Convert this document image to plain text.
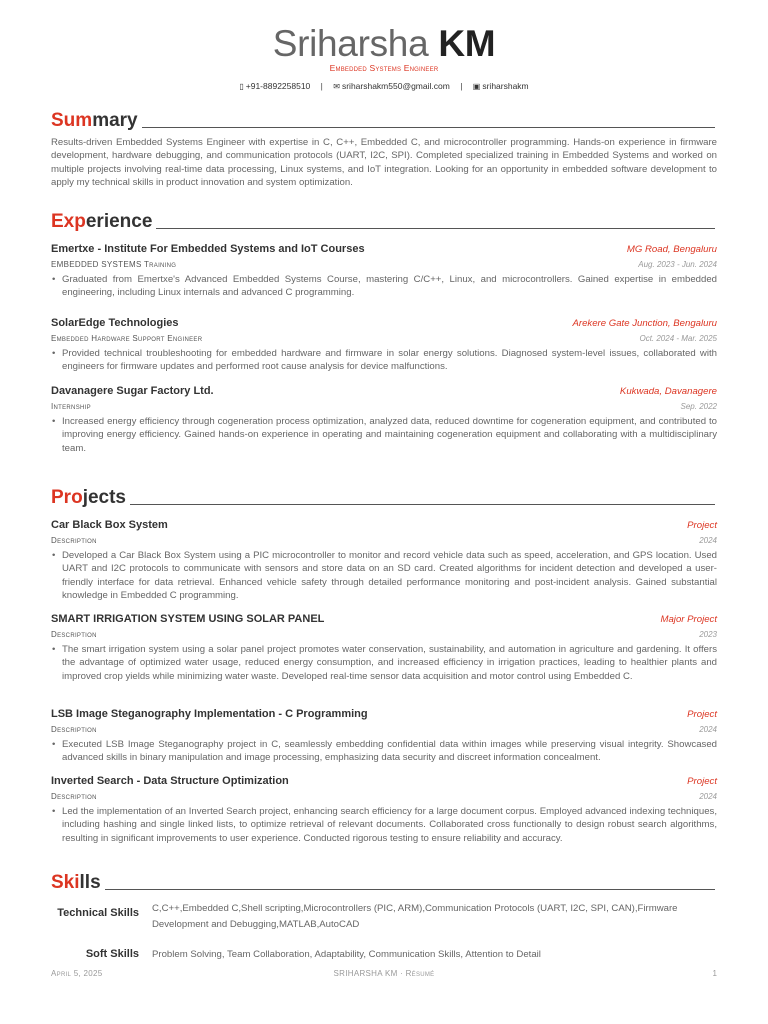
Sriharsha KM
Embedded Systems Engineer
▯ +91-8892258510 | ✉ sriharshakm550@gmail.com | ▣ sriharshakm
Summary
Results-driven Embedded Systems Engineer with expertise in C, C++, Embedded C, and microcontroller programming. Hands-on experience in firmware development, hardware debugging, and communication protocols (UART, I2C, SPI). Completed specialized training in Embedded Systems and worked on multiple projects involving real-time data processing, Linux systems, and IoT integration. Looking for an opportunity in embedded software development to apply my technical skills in product innovation and system optimization.
Experience
Emertxe - Institute For Embedded Systems and IoT Courses	MG Road, Bengaluru
EMBEDDED SYSTEMS Training	Aug. 2023 - Jun. 2024
• Graduated from Emertxe's Advanced Embedded Systems Course, mastering C/C++, Linux, and microcontrollers. Gained expertise in embedded engineering, including Linux internals and advanced C programming.
SolarEdge Technologies	Arekere Gate Junction, Bengaluru
Embedded Hardware Support Engineer	Oct. 2024 - Mar. 2025
• Provided technical troubleshooting for embedded hardware and firmware in solar energy solutions. Diagnosed system-level issues, collaborated with engineers for firmware updates and performed root cause analysis for device malfunctions.
Davanagere Sugar Factory Ltd.	Kukwada, Davanagere
Internship	Sep. 2022
• Increased energy efficiency through cogeneration process optimization, analyzed data, reduced downtime for cogeneration equipment, and contributed to improving energy efficiency. Gained hands-on experience in operating and maintaining cogeneration equipment and collaborating with a multidisciplinary team.
Projects
Car Black Box System	Project
Description	2024
• Developed a Car Black Box System using a PIC microcontroller to monitor and record vehicle data such as speed, acceleration, and GPS location. Used UART and I2C protocols to communicate with sensors and store data on an SD card. Created algorithms for incident detection and developed a user-friendly interface for data retrieval. Enhanced vehicle safety through detailed performance monitoring and post-incident analysis. Gained substantial knowledge in Embedded C programming.
SMART IRRIGATION SYSTEM USING SOLAR PANEL	Major Project
Description	2023
• The smart irrigation system using a solar panel project promotes water conservation, sustainability, and automation in agriculture and gardening. It offers the advantage of optimized water usage, reduced energy consumption, and increased efficiency in irrigation practices, leading to healthier plants and improved crop yields while minimizing water waste. Developed real-time sensor data acquisition and motor control using Embedded C.
LSB Image Steganography Implementation - C Programming	Project
Description	2024
• Executed LSB Image Steganography project in C, seamlessly embedding confidential data within images while preserving visual integrity. Showcased advanced skills in binary manipulation and image processing, emphasizing data security and discreet information concealment.
Inverted Search - Data Structure Optimization	Project
Description	2024
• Led the implementation of an Inverted Search project, enhancing search efficiency for a large document corpus. Employed advanced indexing techniques, including hashing and single linked lists, to optimize retrieval of relevant documents. Collaborated cross functionally to design robust search algorithms, resulting in significant improvements to user experience. Conducted rigorous testing to ensure reliability and accuracy.
Skills
Technical Skills	C,C++,Embedded C,Shell scripting,Microcontrollers (PIC, ARM),Communication Protocols (UART, I2C, SPI, CAN),Firmware Development and Debugging,MATLAB,AutoCAD
Soft Skills	Problem Solving, Team Collaboration, Adaptability, Communication Skills, Attention to Detail
April 5, 2025	SRIHARSHA KM · Résumé	1
